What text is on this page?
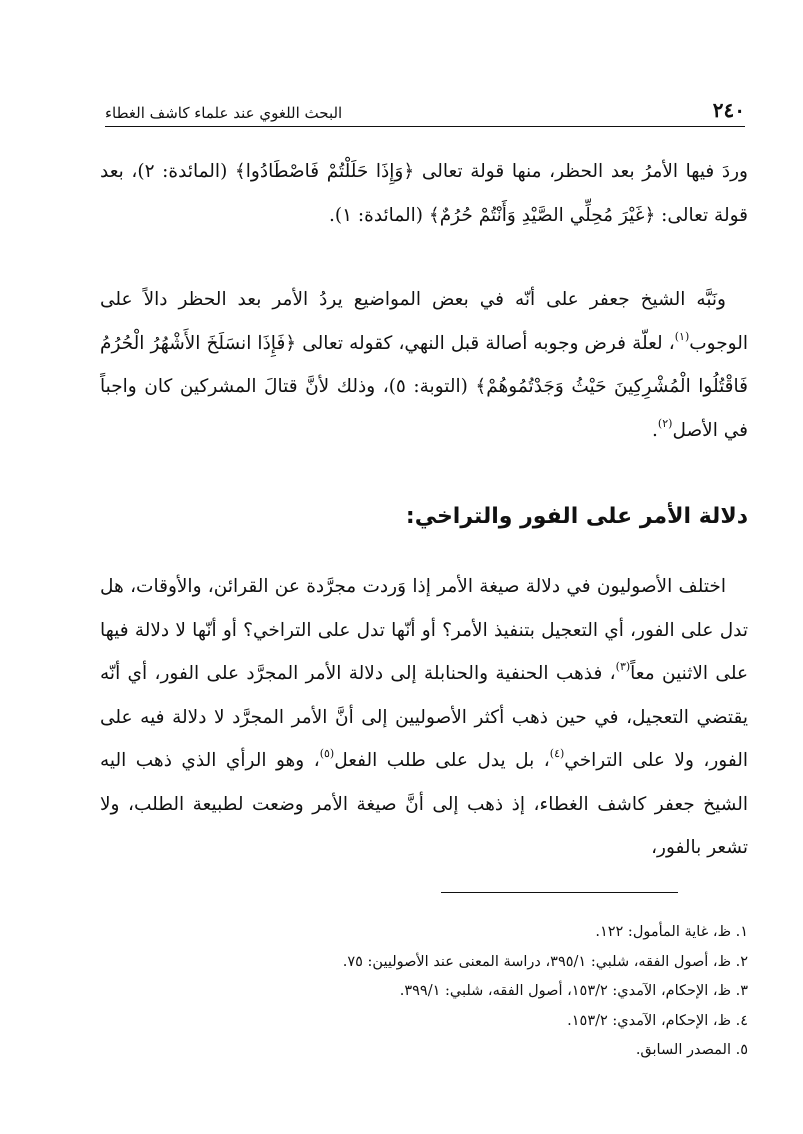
٢٤٠
البحث اللغوي عند علماء كاشف الغطاء

وردَ فيها الأمرُ بعد الحظر، منها قولة تعالى ﴿وَإِذَا حَلَلْتُمْ فَاصْطَادُوا﴾ (المائدة: ٢)، بعد قولة تعالى: ﴿غَيْرَ مُحِلِّي الصَّيْدِ وَأَنْتُمْ حُرُمٌ﴾ (المائدة: ١).

ونَبَّه الشيخ جعفر على أنّه في بعض المواضيع يردُ الأمر بعد الحظر دالاً على الوجوب$^{(١)}$، لعلّة فرض وجوبه أصالة قبل النهي، كقوله تعالى ﴿فَإِذَا انسَلَخَ الأَشْهُرُ الْحُرُمُ فَاقْتُلُوا الْمُشْرِكِينَ حَيْثُ وَجَدْتُمُوهُمْ﴾ (التوبة: ٥)، وذلك لأنَّ قتالَ المشركين كان واجباً في الأصل$^{(٢)}$.

دلالة الأمر على الفور والتراخي:

اختلف الأصوليون في دلالة صيغة الأمر إذا وَردت مجرَّدة عن القرائن، والأوقات، هل تدل على الفور، أي التعجيل بتنفيذ الأمر؟ أو أنّها تدل على التراخي؟ أو أنّها لا دلالة فيها على الاثنين معاً$^{(٣)}$، فذهب الحنفية والحنابلة إلى دلالة الأمر المجرَّد على الفور، أي أنّه يقتضي التعجيل، في حين ذهب أكثر الأصوليين إلى أنَّ الأمر المجرَّد لا دلالة فيه على الفور، ولا على التراخي$^{(٤)}$، بل يدل على طلب الفعل$^{(٥)}$، وهو الرأي الذي ذهب اليه الشيخ جعفر كاشف الغطاء، إذ ذهب إلى أنَّ صيغة الأمر وضعت لطبيعة الطلب، ولا تشعر بالفور،

١. ظ، غاية المأمول: ١٢٢.
٢. ظ، أصول الفقه، شلبي: ٣٩٥/١، دراسة المعنى عند الأصوليين: ٧٥.
٣. ظ، الإحكام، الآمدي: ١٥٣/٢، أصول الفقه، شلبي: ٣٩٩/١.
٤. ظ، الإحكام، الآمدي: ١٥٣/٢.
٥. المصدر السابق.
